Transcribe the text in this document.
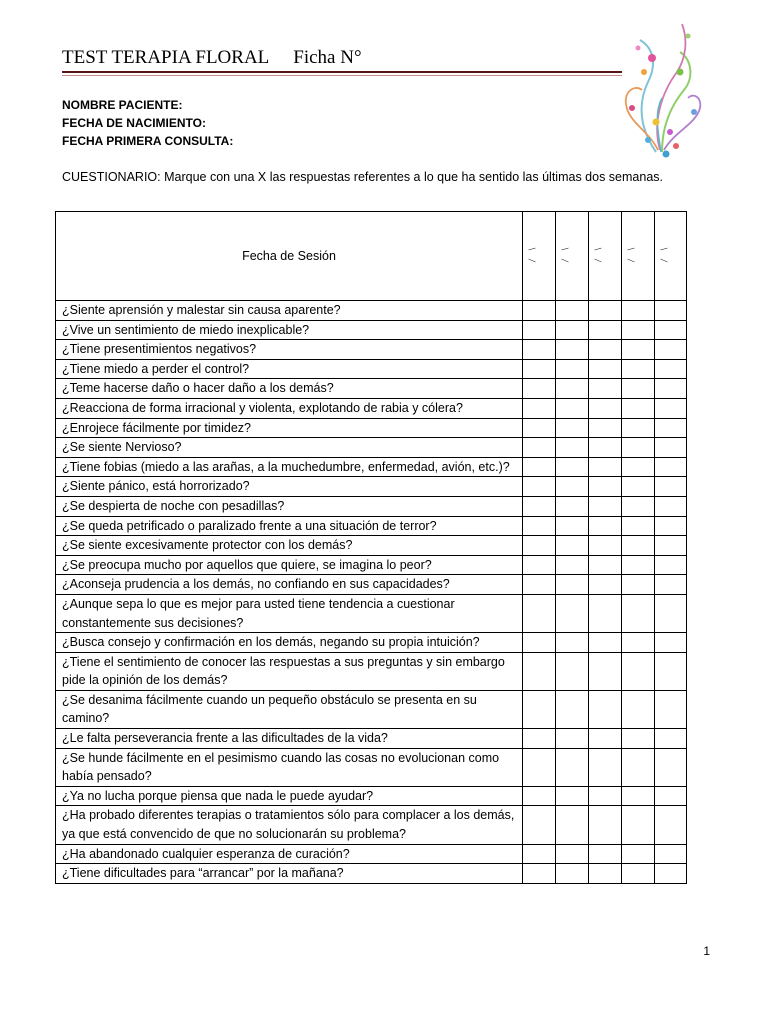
TEST TERAPIA FLORAL Ficha N°
NOMBRE PACIENTE:
FECHA DE NACIMIENTO:
FECHA PRIMERA CONSULTA:
CUESTIONARIO: Marque con una X las respuestas referentes a lo que ha sentido las últimas dos semanas.
Fecha de Sesión	

¿Siente aprensión y malestar sin causa aparente?					
¿Vive un sentimiento de miedo inexplicable?					
¿Tiene presentimientos negativos?					
¿Tiene miedo a perder el control?					
¿Teme hacerse daño o hacer daño a los demás?					
¿Reacciona de forma irracional y violenta, explotando de rabia y cólera?					
¿Enrojece fácilmente por timidez?					
¿Se siente Nervioso?					
¿Tiene fobias (miedo a las arañas, a la muchedumbre, enfermedad, avión, etc.)?					
¿Siente pánico, está horrorizado?					
¿Se despierta de noche con pesadillas?					
¿Se queda petrificado o paralizado frente a una situación de terror?					
¿Se siente excesivamente protector con los demás?					
¿Se preocupa mucho por aquellos que quiere, se imagina lo peor?					
¿Aconseja prudencia a los demás, no confiando en sus capacidades?					
¿Aunque sepa lo que es mejor para usted tiene tendencia a cuestionar constantemente sus decisiones?					
¿Busca consejo y confirmación en los demás, negando su propia intuición?					
¿Tiene el sentimiento de conocer las respuestas a sus preguntas y sin embargo pide la opinión de los demás?					
¿Se desanima fácilmente cuando un pequeño obstáculo se presenta en su camino?					
¿Le falta perseverancia frente a las dificultades de la vida?					
¿Se hunde fácilmente en el pesimismo cuando las cosas no evolucionan como había pensado?					
¿Ya no lucha porque piensa que nada le puede ayudar?					
¿Ha probado diferentes terapias o tratamientos sólo para complacer a los demás, ya que está convencido de que no solucionarán su problema?					
¿Ha abandonado cualquier esperanza de curación?					
¿Tiene dificultades para “arrancar” por la mañana?					
1
